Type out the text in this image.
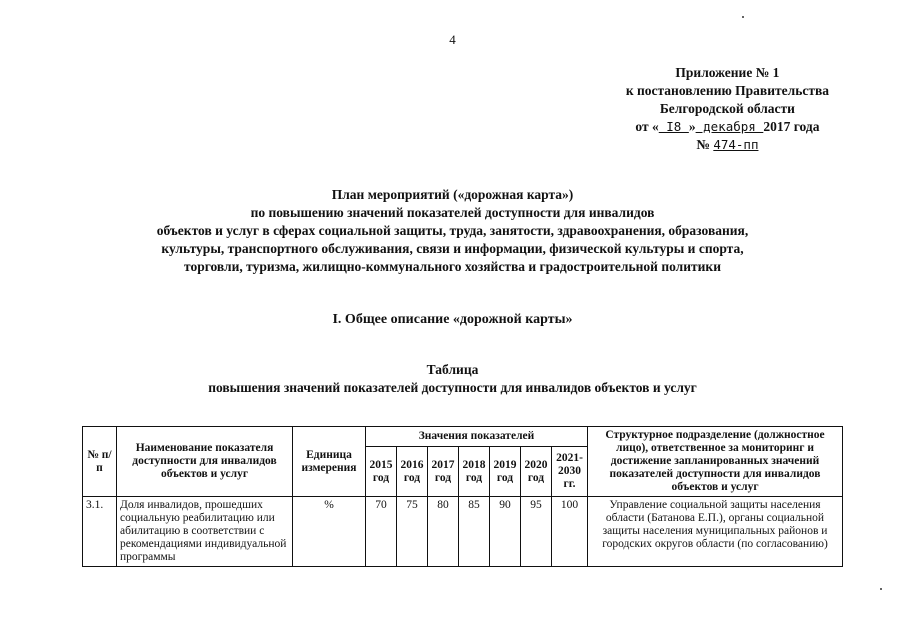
4
Приложение № 1
к постановлению Правительства
Белгородской области
от « I8 » декабря 2017 года
№ 474-пп
План мероприятий («дорожная карта»)
по повышению значений показателей доступности для инвалидов
объектов и услуг в сферах социальной защиты, труда, занятости, здравоохранения, образования,
культуры, транспортного обслуживания, связи и информации, физической культуры и спорта,
торговли, туризма, жилищно-коммунального хозяйства и градостроительной политики
I. Общее описание «дорожной карты»
Таблица
повышения значений показателей доступности для инвалидов объектов и услуг
№ п/п	Наименование показателя доступности для инвалидов объектов и услуг	Единица измерения	Значения показателей							Структурное подразделение (должностное лицо), ответственное за мониторинг и достижение запланированных значений показателей доступности для инвалидов объектов и услуг
			2015 год	2016 год	2017 год	2018 год	2019 год	2020 год	2021-2030 гг.	
3.1.	Доля инвалидов, прошедших социальную реабилитацию или абилитацию в соответствии с рекомендациями индивидуальной программы	%	70	75	80	85	90	95	100	Управление социальной защиты населения области (Батанова Е.П.), органы социальной защиты населения муниципальных районов и городских округов области (по согласованию)
